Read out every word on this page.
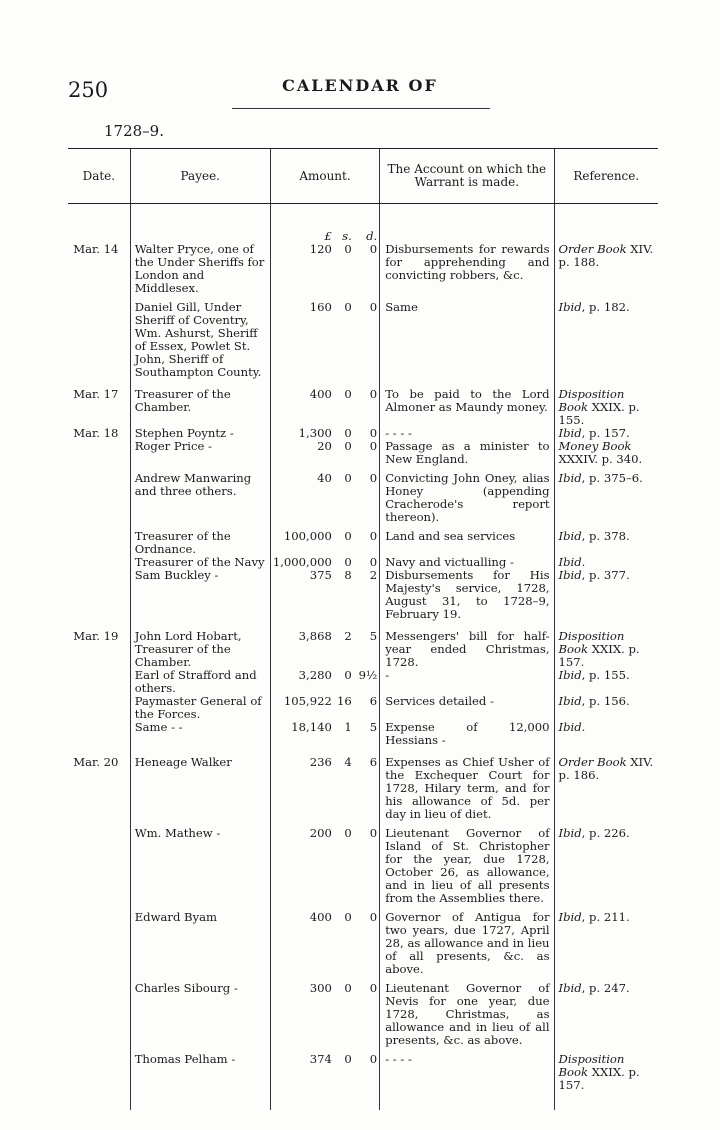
250	CALENDAR OF
1728–9.
Date.	Payee.	Amount.			The Account on which the Warrant is made.	Reference.
		£	s.	d.		
Mar. 14	Walter Pryce, one of the Under Sheriffs for London and Middlesex.	120	0	0	Disbursements for rewards for apprehending and convicting robbers, &c.	Order Book XIV. p. 188.
	Daniel Gill, Under Sheriff of Coventry, Wm. Ashurst, Sheriff of Essex, Powlet St. John, Sheriff of Southampton County.	160	0	0	Same	Ibid, p. 182.
Mar. 17	Treasurer of the Chamber.	400	0	0	To be paid to the Lord Almoner as Maundy money.	Disposition Book XXIX. p. 155.
Mar. 18	Stephen Poyntz -	1,300	0	0	- - - -	Ibid, p. 157.
	Roger Price -	20	0	0	Passage as a minister to New England.	Money Book XXXIV. p. 340.
	Andrew Manwaring and three others.	40	0	0	Convicting John Oney, alias Honey (appending Cracherode's report thereon).	Ibid, p. 375–6.
	Treasurer of the Ordnance.	100,000	0	0	Land and sea services	Ibid, p. 378.
	Treasurer of the Navy	1,000,000	0	0	Navy and victualling -	Ibid.
	Sam Buckley -	375	8	2	Disbursements for His Majesty's service, 1728, August 31, to 1728–9, February 19.	Ibid, p. 377.
Mar. 19	John Lord Hobart, Treasurer of the Chamber.	3,868	2	5	Messengers' bill for half-year ended Christmas, 1728.	Disposition Book XXIX. p. 157.
	Earl of Strafford and others.	3,280	0	9½	-	Ibid, p. 155.
	Paymaster General of the Forces.	105,922	16	6	Services detailed -	Ibid, p. 156.
	Same - -	18,140	1	5	Expense of 12,000 Hessians -	Ibid.
Mar. 20	Heneage Walker	236	4	6	Expenses as Chief Usher of the Exchequer Court for 1728, Hilary term, and for his allowance of 5d. per day in lieu of diet.	Order Book XIV. p. 186.
	Wm. Mathew -	200	0	0	Lieutenant Governor of Island of St. Christopher for the year, due 1728, October 26, as allowance, and in lieu of all presents from the Assemblies there.	Ibid, p. 226.
	Edward Byam	400	0	0	Governor of Antigua for two years, due 1727, April 28, as allowance and in lieu of all presents, &c. as above.	Ibid, p. 211.
	Charles Sibourg -	300	0	0	Lieutenant Governor of Nevis for one year, due 1728, Christmas, as allowance and in lieu of all presents, &c. as above.	Ibid, p. 247.
	Thomas Pelham -	374	0	0	- - - -	Disposition Book XXIX. p. 157.
